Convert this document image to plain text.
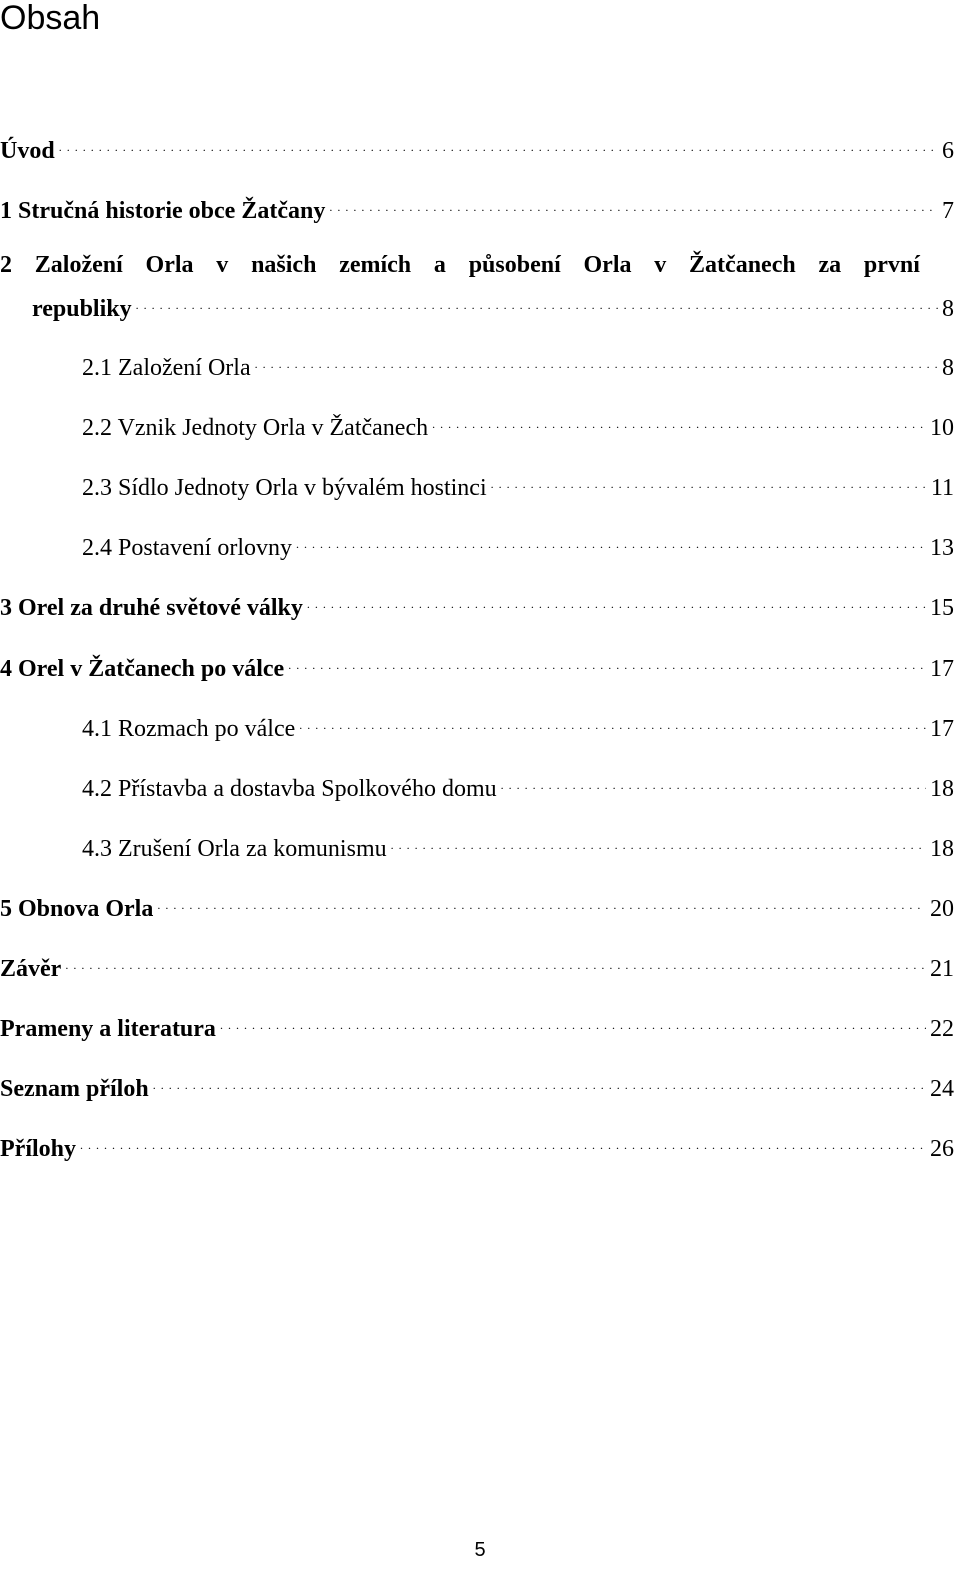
Obsah
Úvod . . .	6
1 Stručná historie obce Žatčany . . .	7
2 Založení Orla v našich zemích a působení Orla v Žatčanech za první
republiky . . .	8
2.1 Založení Orla . . .	8
2.2 Vznik Jednoty Orla v Žatčanech . . .	10
2.3 Sídlo Jednoty Orla v bývalém hostinci . . .	11
2.4 Postavení orlovny . . .	13
3 Orel za druhé světové války . . .	15
4 Orel v Žatčanech po válce . . .	17
4.1 Rozmach po válce . . .	17
4.2 Přístavba a dostavba Spolkového domu . . .	18
4.3 Zrušení Orla za komunismu . . .	18
5 Obnova Orla . . .	20
Závěr . . .	21
Prameny a literatura . . .	22
Seznam příloh . . .	24
Přílohy . . .	26
5
